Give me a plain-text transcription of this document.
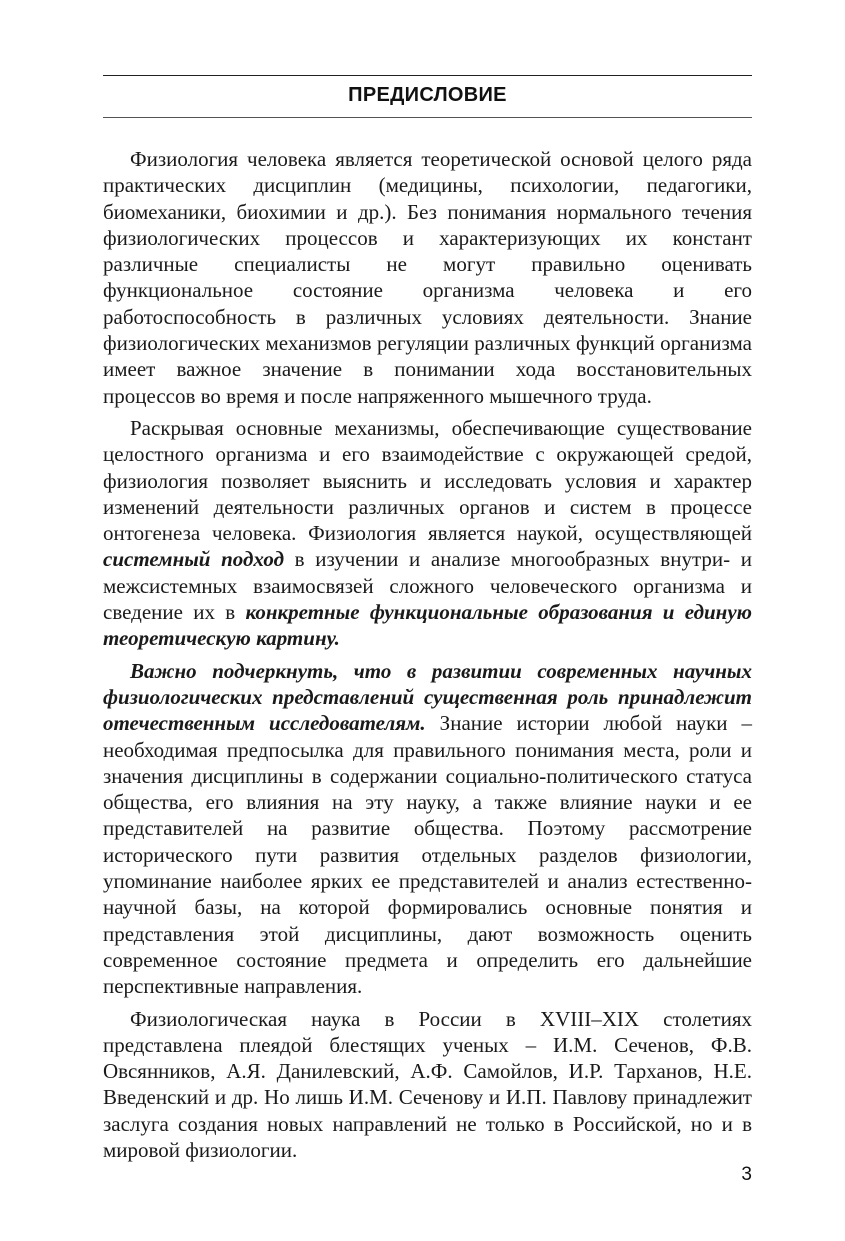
ПРЕДИСЛОВИЕ

Физиология человека является теоретической основой целого ряда практических дисциплин (медицины, психологии, педагогики, биомеханики, биохимии и др.). Без понимания нормального течения физиологических процессов и характеризующих их констант различные специалисты не могут правильно оценивать функциональное состояние организма человека и его работоспособность в различных условиях деятельности. Знание физиологических механизмов регуляции различных функций организма имеет важное значение в понимании хода восстановительных процессов во время и после напряженного мышечного труда.

Раскрывая основные механизмы, обеспечивающие существование целостного организма и его взаимодействие с окружающей средой, физиология позволяет выяснить и исследовать условия и характер изменений деятельности различных органов и систем в процессе онтогенеза человека. Физиология является наукой, осуществляющей системный подход в изучении и анализе многообразных внутри- и межсистемных взаимосвязей сложного человеческого организма и сведение их в конкретные функциональные образования и единую теоретическую картину.

Важно подчеркнуть, что в развитии современных научных физиологических представлений существенная роль принадлежит отечественным исследователям. Знание истории любой науки – необходимая предпосылка для правильного понимания места, роли и значения дисциплины в содержании социально-политического статуса общества, его влияния на эту науку, а также влияние науки и ее представителей на развитие общества. Поэтому рассмотрение исторического пути развития отдельных разделов физиологии, упоминание наиболее ярких ее представителей и анализ естественно-научной базы, на которой формировались основные понятия и представления этой дисциплины, дают возможность оценить современное состояние предмета и определить его дальнейшие перспективные направления.

Физиологическая наука в России в XVIII–XIX столетиях представлена плеядой блестящих ученых – И.М. Сеченов, Ф.В. Овсянников, А.Я. Данилевский, А.Ф. Самойлов, И.Р. Тарханов, Н.Е. Введенский и др. Но лишь И.М. Сеченову и И.П. Павлову принадлежит заслуга создания новых направлений не только в Российской, но и в мировой физиологии.

3
